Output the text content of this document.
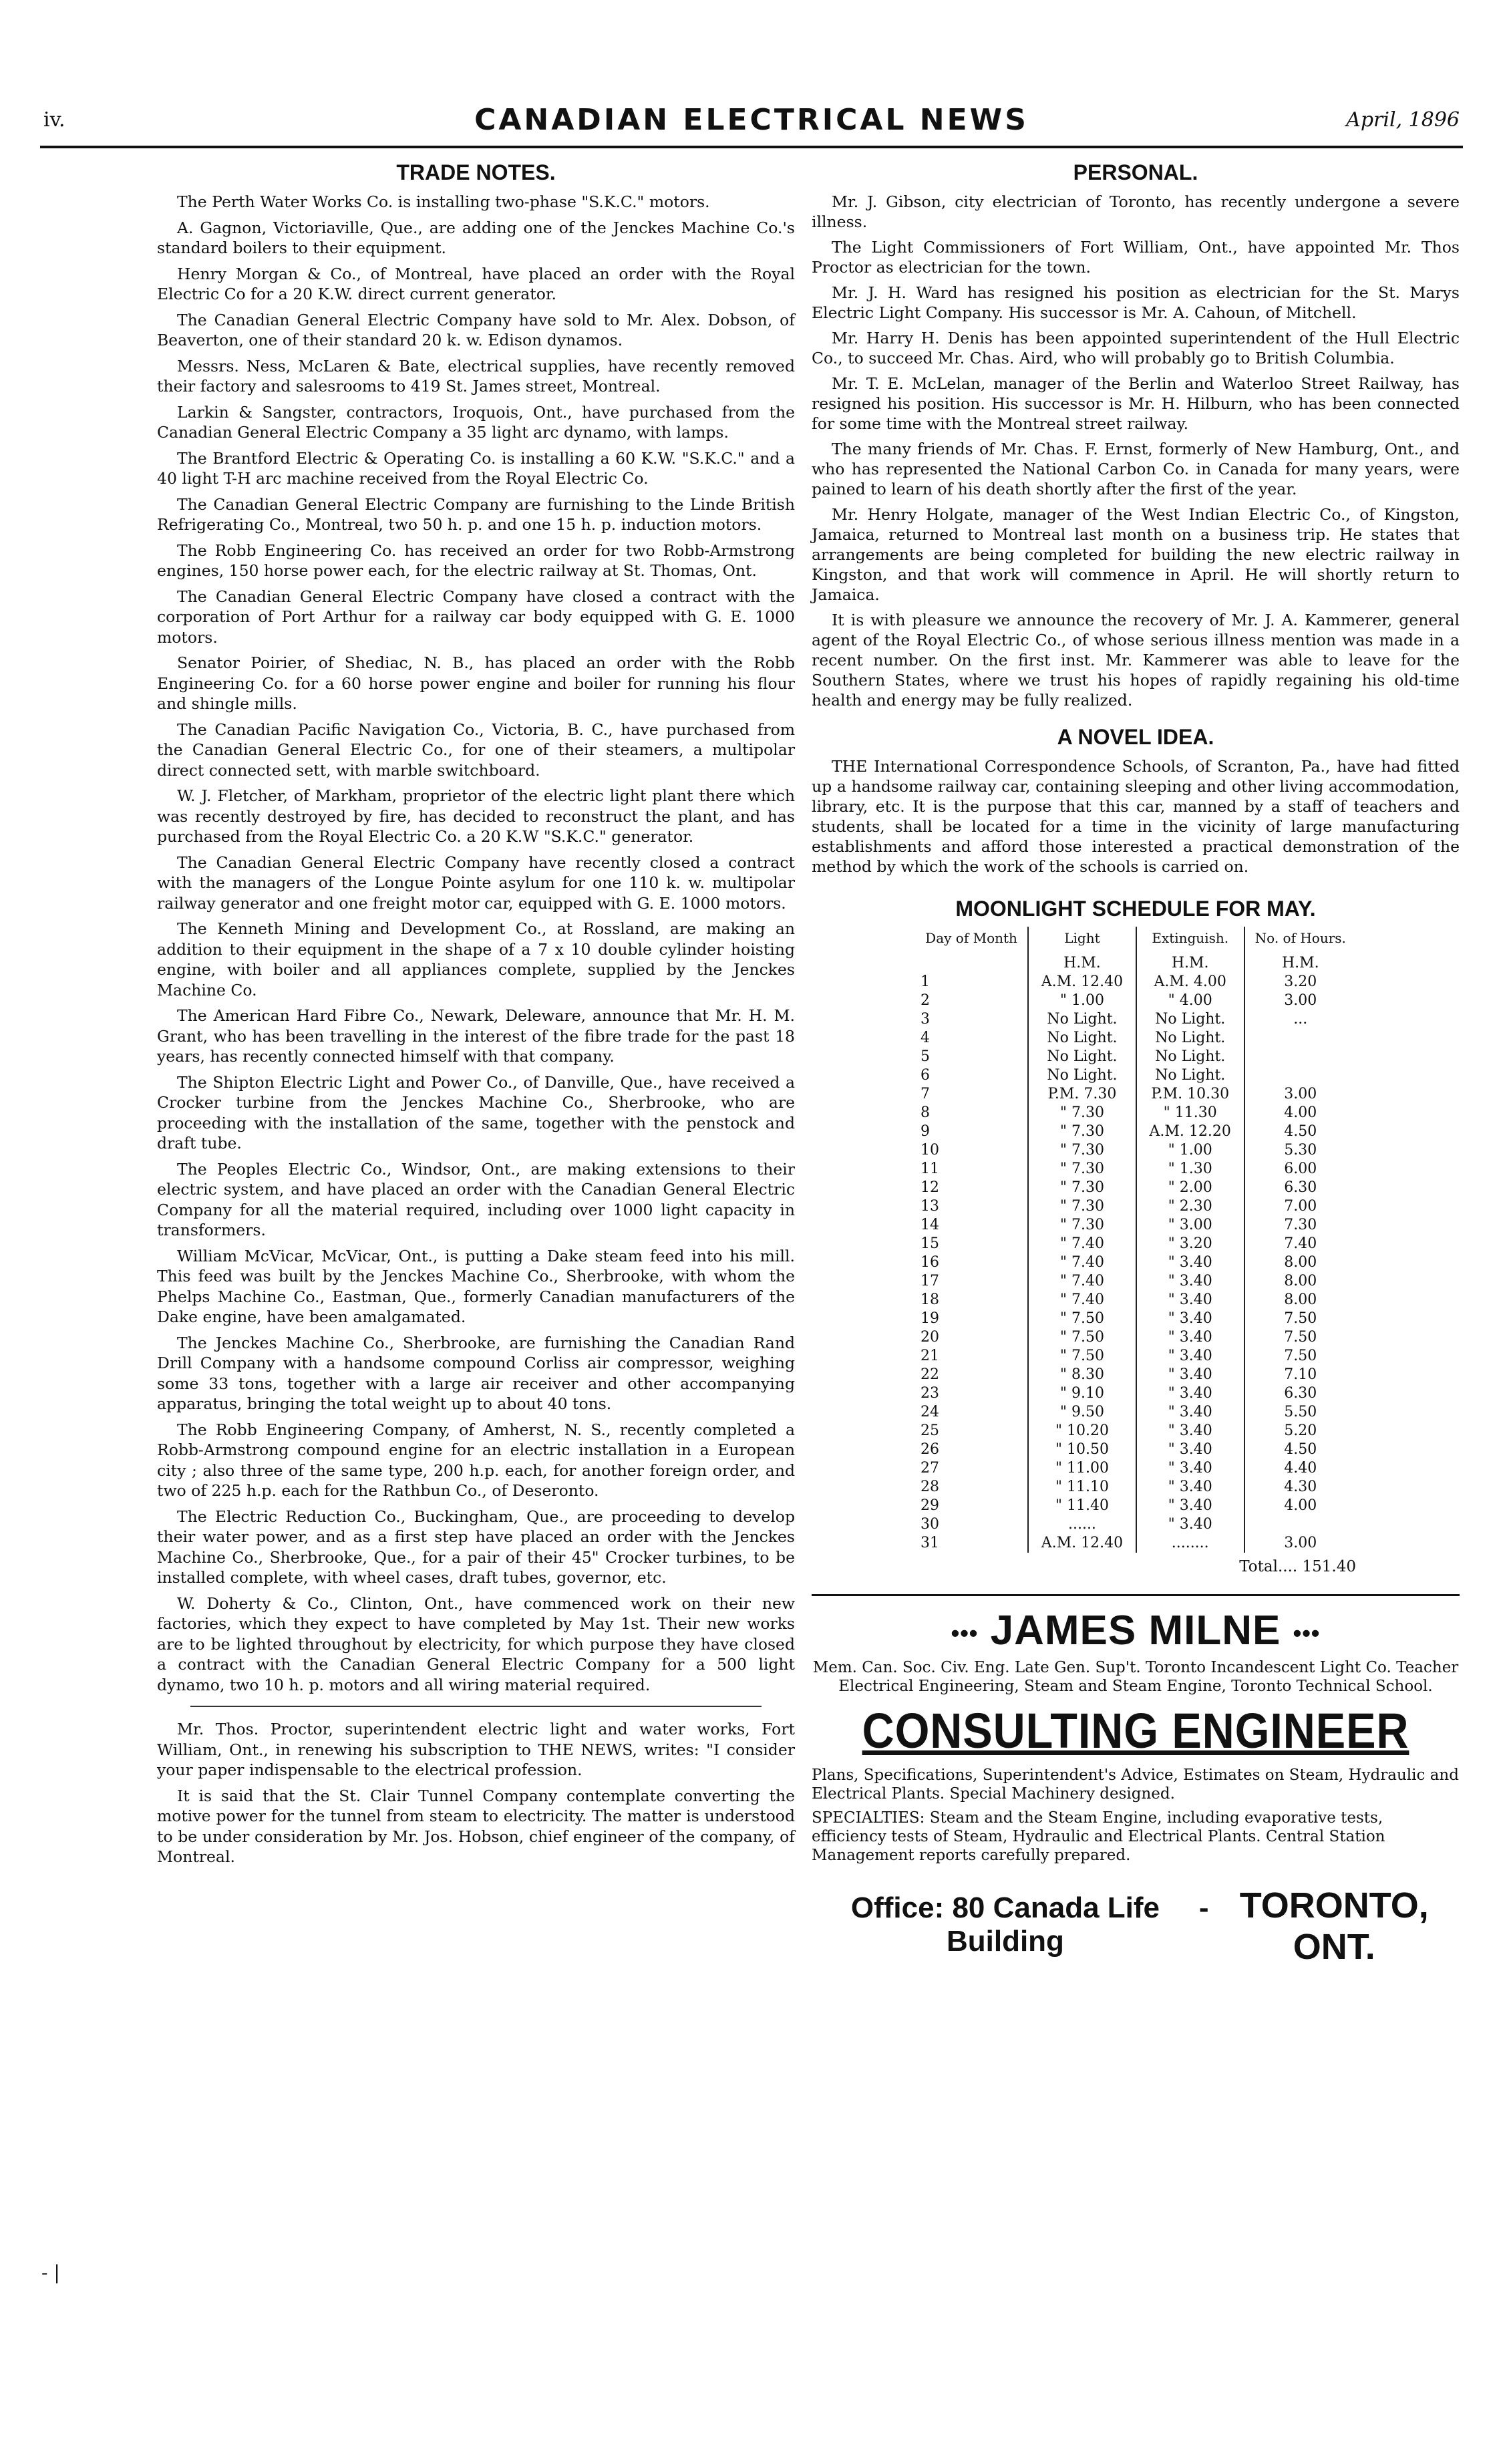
iv.	CANADIAN ELECTRICAL NEWS	April, 1896
- |
TRADE NOTES.

The Perth Water Works Co. is installing two-phase "S.K.C." motors.

A. Gagnon, Victoriaville, Que., are adding one of the Jenckes Machine Co.'s standard boilers to their equipment.

Henry Morgan & Co., of Montreal, have placed an order with the Royal Electric Co for a 20 K.W. direct current generator.

The Canadian General Electric Company have sold to Mr. Alex. Dobson, of Beaverton, one of their standard 20 k. w. Edison dynamos.

Messrs. Ness, McLaren & Bate, electrical supplies, have recently removed their factory and salesrooms to 419 St. James street, Montreal.

Larkin & Sangster, contractors, Iroquois, Ont., have purchased from the Canadian General Electric Company a 35 light arc dynamo, with lamps.

The Brantford Electric & Operating Co. is installing a 60 K.W. "S.K.C." and a 40 light T-H arc machine received from the Royal Electric Co.

The Canadian General Electric Company are furnishing to the Linde British Refrigerating Co., Montreal, two 50 h. p. and one 15 h. p. induction motors.

The Robb Engineering Co. has received an order for two Robb-Armstrong engines, 150 horse power each, for the electric railway at St. Thomas, Ont.

The Canadian General Electric Company have closed a contract with the corporation of Port Arthur for a railway car body equipped with G. E. 1000 motors.

Senator Poirier, of Shediac, N. B., has placed an order with the Robb Engineering Co. for a 60 horse power engine and boiler for running his flour and shingle mills.

The Canadian Pacific Navigation Co., Victoria, B. C., have purchased from the Canadian General Electric Co., for one of their steamers, a multipolar direct connected sett, with marble switchboard.

W. J. Fletcher, of Markham, proprietor of the electric light plant there which was recently destroyed by fire, has decided to reconstruct the plant, and has purchased from the Royal Electric Co. a 20 K.W "S.K.C." generator.

The Canadian General Electric Company have recently closed a contract with the managers of the Longue Pointe asylum for one 110 k. w. multipolar railway generator and one freight motor car, equipped with G. E. 1000 motors.

The Kenneth Mining and Development Co., at Rossland, are making an addition to their equipment in the shape of a 7 x 10 double cylinder hoisting engine, with boiler and all appliances complete, supplied by the Jenckes Machine Co.

The American Hard Fibre Co., Newark, Deleware, announce that Mr. H. M. Grant, who has been travelling in the interest of the fibre trade for the past 18 years, has recently connected himself with that company.

The Shipton Electric Light and Power Co., of Danville, Que., have received a Crocker turbine from the Jenckes Machine Co., Sherbrooke, who are proceeding with the installation of the same, together with the penstock and draft tube.

The Peoples Electric Co., Windsor, Ont., are making extensions to their electric system, and have placed an order with the Canadian General Electric Company for all the material required, including over 1000 light capacity in transformers.

William McVicar, McVicar, Ont., is putting a Dake steam feed into his mill. This feed was built by the Jenckes Machine Co., Sherbrooke, with whom the Phelps Machine Co., Eastman, Que., formerly Canadian manufacturers of the Dake engine, have been amalgamated.

The Jenckes Machine Co., Sherbrooke, are furnishing the Canadian Rand Drill Company with a handsome compound Corliss air compressor, weighing some 33 tons, together with a large air receiver and other accompanying apparatus, bringing the total weight up to about 40 tons.

The Robb Engineering Company, of Amherst, N. S., recently completed a Robb-Armstrong compound engine for an electric installation in a European city ; also three of the same type, 200 h.p. each, for another foreign order, and two of 225 h.p. each for the Rathbun Co., of Deseronto.

The Electric Reduction Co., Buckingham, Que., are proceeding to develop their water power, and as a first step have placed an order with the Jenckes Machine Co., Sherbrooke, Que., for a pair of their 45" Crocker turbines, to be installed complete, with wheel cases, draft tubes, governor, etc.

W. Doherty & Co., Clinton, Ont., have commenced work on their new factories, which they expect to have completed by May 1st. Their new works are to be lighted throughout by electricity, for which purpose they have closed a contract with the Canadian General Electric Company for a 500 light dynamo, two 10 h. p. motors and all wiring material required.

Mr. Thos. Proctor, superintendent electric light and water works, Fort William, Ont., in renewing his subscription to THE NEWS, writes: "I consider your paper indispensable to the electrical profession.

It is said that the St. Clair Tunnel Company contemplate converting the motive power for the tunnel from steam to electricity. The matter is understood to be under consideration by Mr. Jos. Hobson, chief engineer of the company, of Montreal.

PERSONAL.

Mr. J. Gibson, city electrician of Toronto, has recently undergone a severe illness.

The Light Commissioners of Fort William, Ont., have appointed Mr. Thos Proctor as electrician for the town.

Mr. J. H. Ward has resigned his position as electrician for the St. Marys Electric Light Company. His successor is Mr. A. Cahoun, of Mitchell.

Mr. Harry H. Denis has been appointed superintendent of the Hull Electric Co., to succeed Mr. Chas. Aird, who will probably go to British Columbia.

Mr. T. E. McLelan, manager of the Berlin and Waterloo Street Railway, has resigned his position. His successor is Mr. H. Hilburn, who has been connected for some time with the Montreal street railway.

The many friends of Mr. Chas. F. Ernst, formerly of New Hamburg, Ont., and who has represented the National Carbon Co. in Canada for many years, were pained to learn of his death shortly after the first of the year.

Mr. Henry Holgate, manager of the West Indian Electric Co., of Kingston, Jamaica, returned to Montreal last month on a business trip. He states that arrangements are being completed for building the new electric railway in Kingston, and that work will commence in April. He will shortly return to Jamaica.

It is with pleasure we announce the recovery of Mr. J. A. Kammerer, general agent of the Royal Electric Co., of whose serious illness mention was made in a recent number. On the first inst. Mr. Kammerer was able to leave for the Southern States, where we trust his hopes of rapidly regaining his old-time health and energy may be fully realized.

A NOVEL IDEA.

THE International Correspondence Schools, of Scranton, Pa., have had fitted up a handsome railway car, containing sleeping and other living accommodation, library, etc. It is the purpose that this car, manned by a staff of teachers and students, shall be located for a time in the vicinity of large manufacturing establishments and afford those interested a practical demonstration of the method by which the work of the schools is carried on.

MOONLIGHT SCHEDULE FOR MAY.
Day of Month	Light	Extinguish.	No. of Hours.
	H.M.	H.M.	H.M.
1	A.M. 12.40	A.M. 4.00	3.20
2	" 1.00	" 4.00	3.00
3	No Light.	No Light.	...
4	No Light.	No Light.	
5	No Light.	No Light.	
6	No Light.	No Light.	
7	P.M. 7.30	P.M. 10.30	3.00
8	" 7.30	" 11.30	4.00
9	" 7.30	A.M. 12.20	4.50
10	" 7.30	" 1.00	5.30
11	" 7.30	" 1.30	6.00
12	" 7.30	" 2.00	6.30
13	" 7.30	" 2.30	7.00
14	" 7.30	" 3.00	7.30
15	" 7.40	" 3.20	7.40
16	" 7.40	" 3.40	8.00
17	" 7.40	" 3.40	8.00
18	" 7.40	" 3.40	8.00
19	" 7.50	" 3.40	7.50
20	" 7.50	" 3.40	7.50
21	" 7.50	" 3.40	7.50
22	" 8.30	" 3.40	7.10
23	" 9.10	" 3.40	6.30
24	" 9.50	" 3.40	5.50
25	" 10.20	" 3.40	5.20
26	" 10.50	" 3.40	4.50
27	" 11.00	" 3.40	4.40
28	" 11.10	" 3.40	4.30
29	" 11.40	" 3.40	4.00
30	......	" 3.40	
31	A.M. 12.40	........	3.00
Total.... 151.40
••• JAMES MILNE •••
Mem. Can. Soc. Civ. Eng. Late Gen. Sup't. Toronto Incandescent Light Co. Teacher Electrical Engineering, Steam and Steam Engine, Toronto Technical School.
CONSULTING ENGINEER

Plans, Specifications, Superintendent's Advice, Estimates on Steam, Hydraulic and Electrical Plants. Special Machinery designed.

SPECIALTIES: Steam and the Steam Engine, including evaporative tests, efficiency tests of Steam, Hydraulic and Electrical Plants. Central Station Management reports carefully prepared.

Office: 80 Canada Life Building
- TORONTO, ONT.
